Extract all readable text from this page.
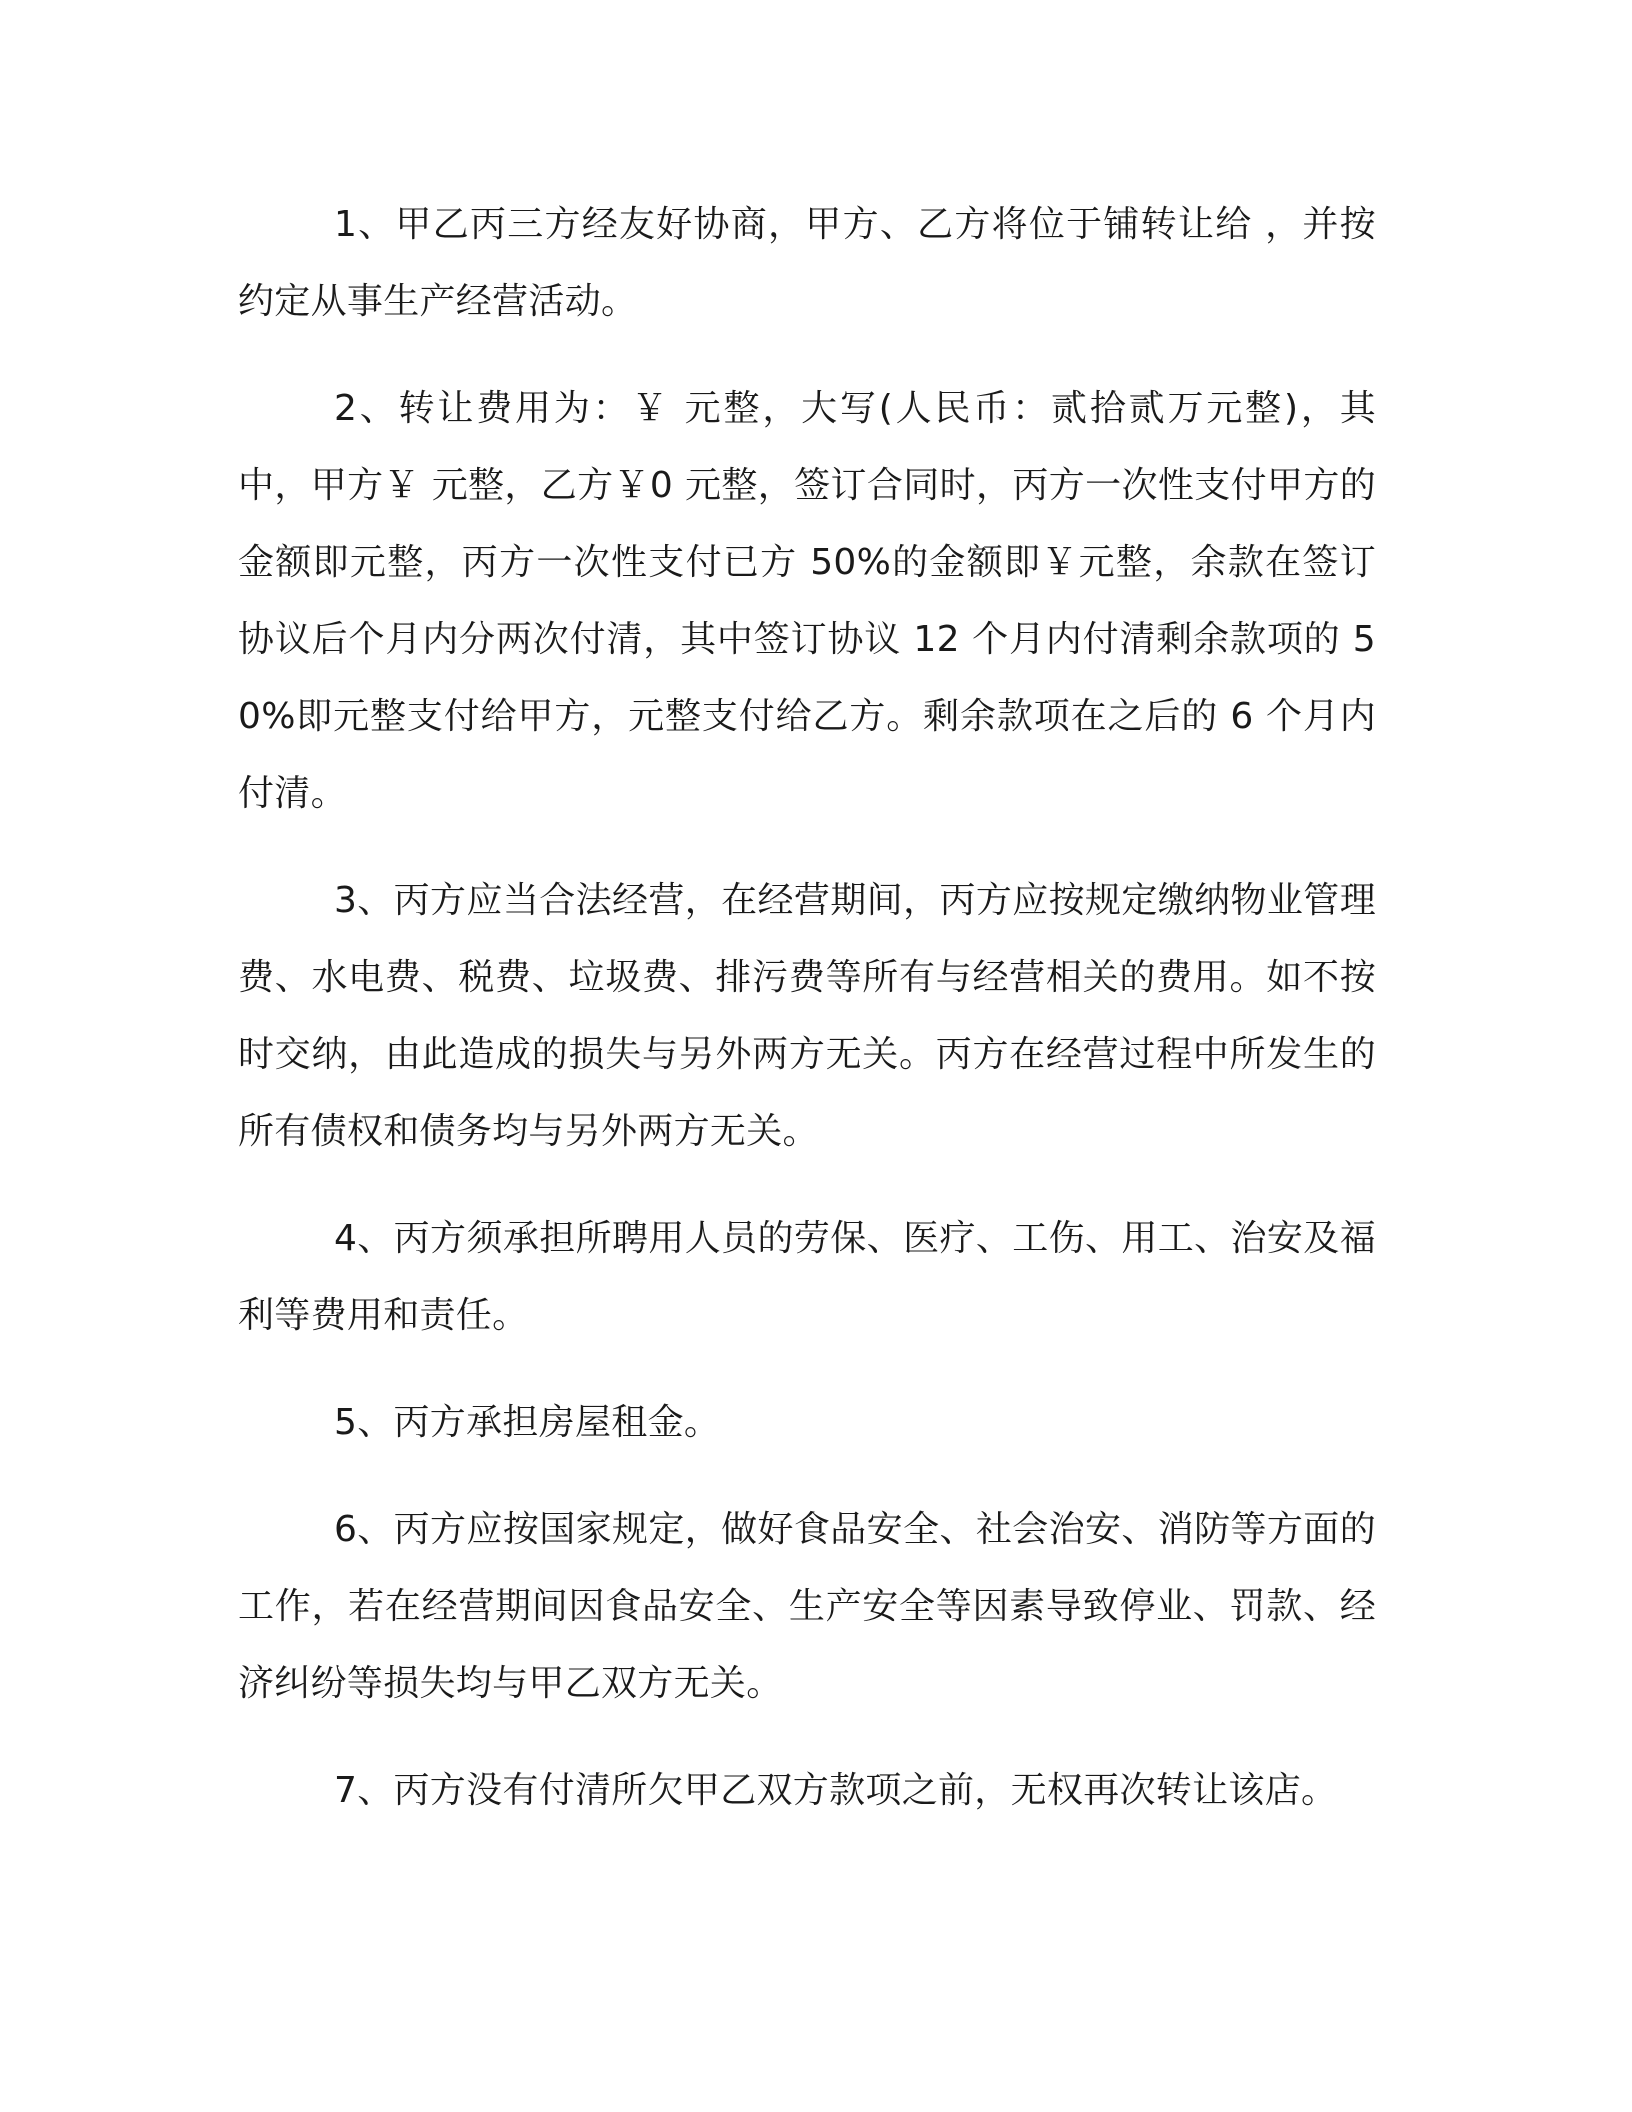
1、甲乙丙三方经友好协商，甲方、乙方将位于铺转让给 ，并按约定从事生产经营活动。

2、转让费用为：￥ 元整，大写(人民币：贰拾贰万元整)，其中，甲方￥ 元整，乙方￥0 元整，签订合同时，丙方一次性支付甲方的金额即元整，丙方一次性支付已方 50%的金额即￥元整，余款在签订协议后个月内分两次付清，其中签订协议 12 个月内付清剩余款项的 50%即元整支付给甲方，元整支付给乙方。剩余款项在之后的 6 个月内付清。

3、丙方应当合法经营，在经营期间，丙方应按规定缴纳物业管理费、水电费、税费、垃圾费、排污费等所有与经营相关的费用。如不按时交纳，由此造成的损失与另外两方无关。丙方在经营过程中所发生的所有债权和债务均与另外两方无关。

4、丙方须承担所聘用人员的劳保、医疗、工伤、用工、治安及福利等费用和责任。

5、丙方承担房屋租金。

6、丙方应按国家规定，做好食品安全、社会治安、消防等方面的工作，若在经营期间因食品安全、生产安全等因素导致停业、罚款、经济纠纷等损失均与甲乙双方无关。

7、丙方没有付清所欠甲乙双方款项之前，无权再次转让该店。
